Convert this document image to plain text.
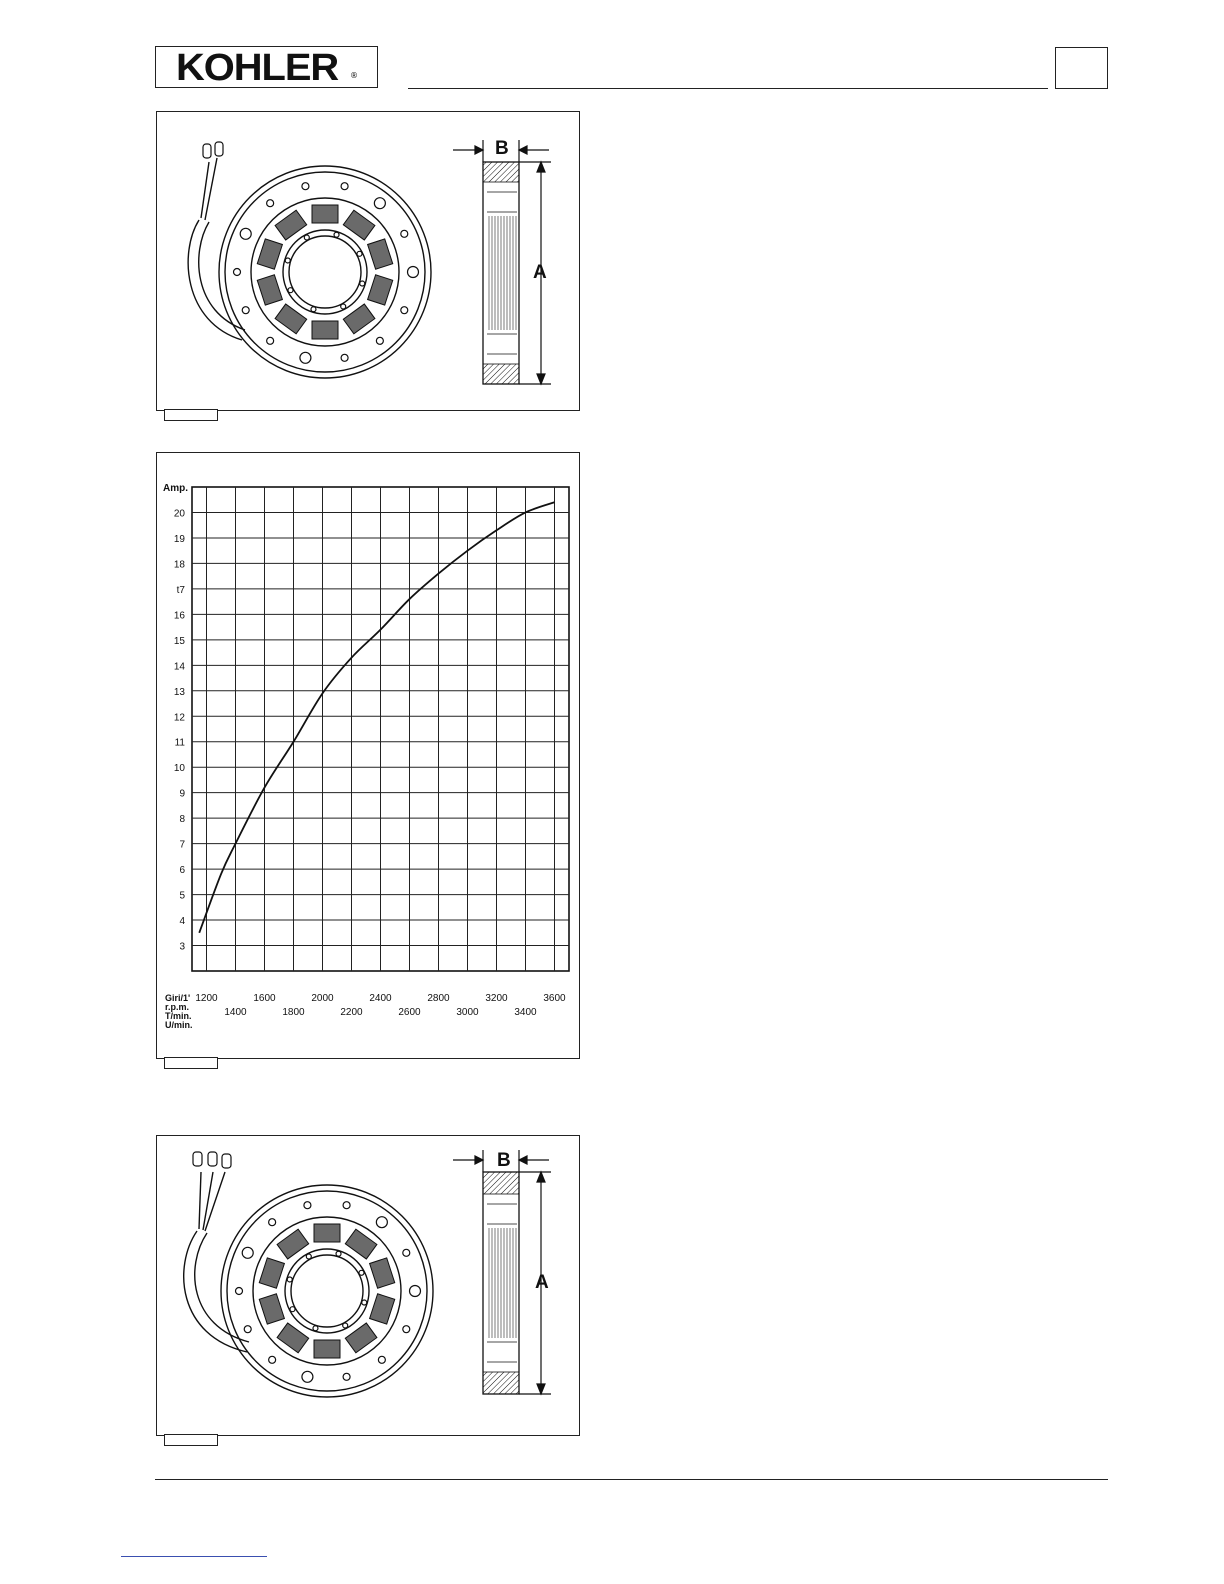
KOHLER ®
B
A
Amp.
3
4
5
6
7
8
9
10
11
12
13
14
15
16
t7
18
19
20
1200	1600	2000	2400	2800	3200	3600
1400	1800	2200	2600	3000	3400
Giri/1'
r.p.m.
T/min.
U/min.
B
A
